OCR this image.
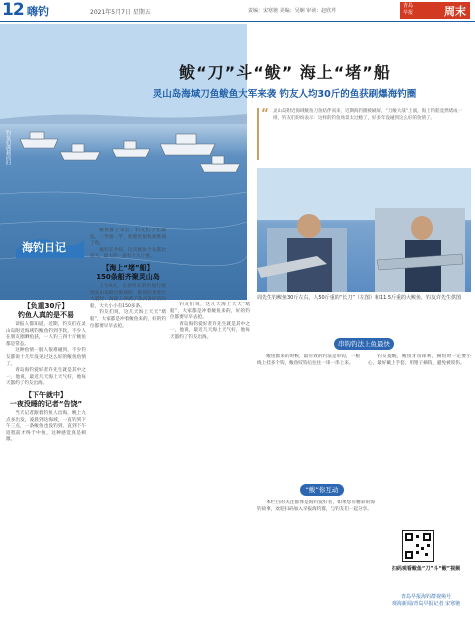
12 嗨钓	2021年5月7日 星期五	责编：宋寒驰 美编：吴娴 审读：赵欣芹
青岛
早报	周末
钓友们满载而归
海钓日记
鲅“刀”斗“鲅” 海上“堵”船
灵山岛海域刀鱼鲅鱼大军来袭 钓友人均30斤的鱼获刷爆海钓圈
“ 灵山岛附近海域鲅鱼刀鱼结伴而来，近期海钓圈被刷屏，“刀鲅大战”上演，海上钓船竟然堵成一排，钓友们纷纷表示：这样的钓鱼场景太过瘾了，好多年没碰到这么好的鱼情了。

周先生钓鲅鱼30斤左右，人50斤重的“长刀”（左图）和11.5斤重的大鲅鱼，钓友许先生供图
【负重30斤】
钓鱼人真的是不易

读报人都知道，近期，钓友们在灵山岛附近海域钓鲅鱼钓到手软，不少人在朋友圈晒鱼获，一人钓三四十斤鲅鱼都是常态。

这种鱼情一般人很难碰到，不少钓友都说十几年没见过这么好的鲅鱼鱼情了。

青岛海钓爱好者许先生就是其中之一，他说，最近几天海上天气好，他每天都约了钓友出海。

【下午就中】
一夜没睡的记者“告饶”

当天记者跟着钓鱼人出海，晚上九点多出发，凌晨到达海域，一直钓到下午三点，一条鲅鱼也没钓到，直到下午返程前才终于中鱼，这种感觉真是刺激。

鲅鱼群上来后，钓友们手忙脚乱，一竿接一竿，船舱里很快就堆满了鱼。

据钓友介绍，这次鲅鱼个头都比较大，最大的一条有十几斤重。

【海上“堵”船】
150条船齐聚灵山岛

上午9点，记者所在的钓船行驶到灵山岛附近海域时，眼前的景象让人震惊：海面上停满了各式各样的钓船，大大小小有150多条。

钓友们说，这几天海上天天“堵船”，大家都是冲着鲅鱼来的，好的钓位都要早早去抢。

钓友们说，这几天海上天天“堵船”，大家都是冲着鲅鱼来的，好的钓位都要早早去抢。

青岛海钓爱好者许先生就是其中之一，他说，最近几天海上天气好，他每天都约了钓友出海。

串钩钓法上鱼最快

鲅鱼群来的时候，最有效的钓法是串钩，一根线上挂多个钩，鲅鱼咬钩后往往一串一串上来。

钓友提醒，鲅鱼牙齿锋利，摘鱼时一定要小心，最好戴上手套，用钳子摘钩，避免被咬伤。

“鲅”你互动

本栏目的关注群体是海钓爱好者，如果您有精彩的海钓故事，欢迎扫码加入早报海钓群，与钓友们一起分享。

扫码观看鲅鱼“刀”斗“鲅”视频
青岛早报海钓群视频号
观海新闻/青岛早报记者 宋寒驰
